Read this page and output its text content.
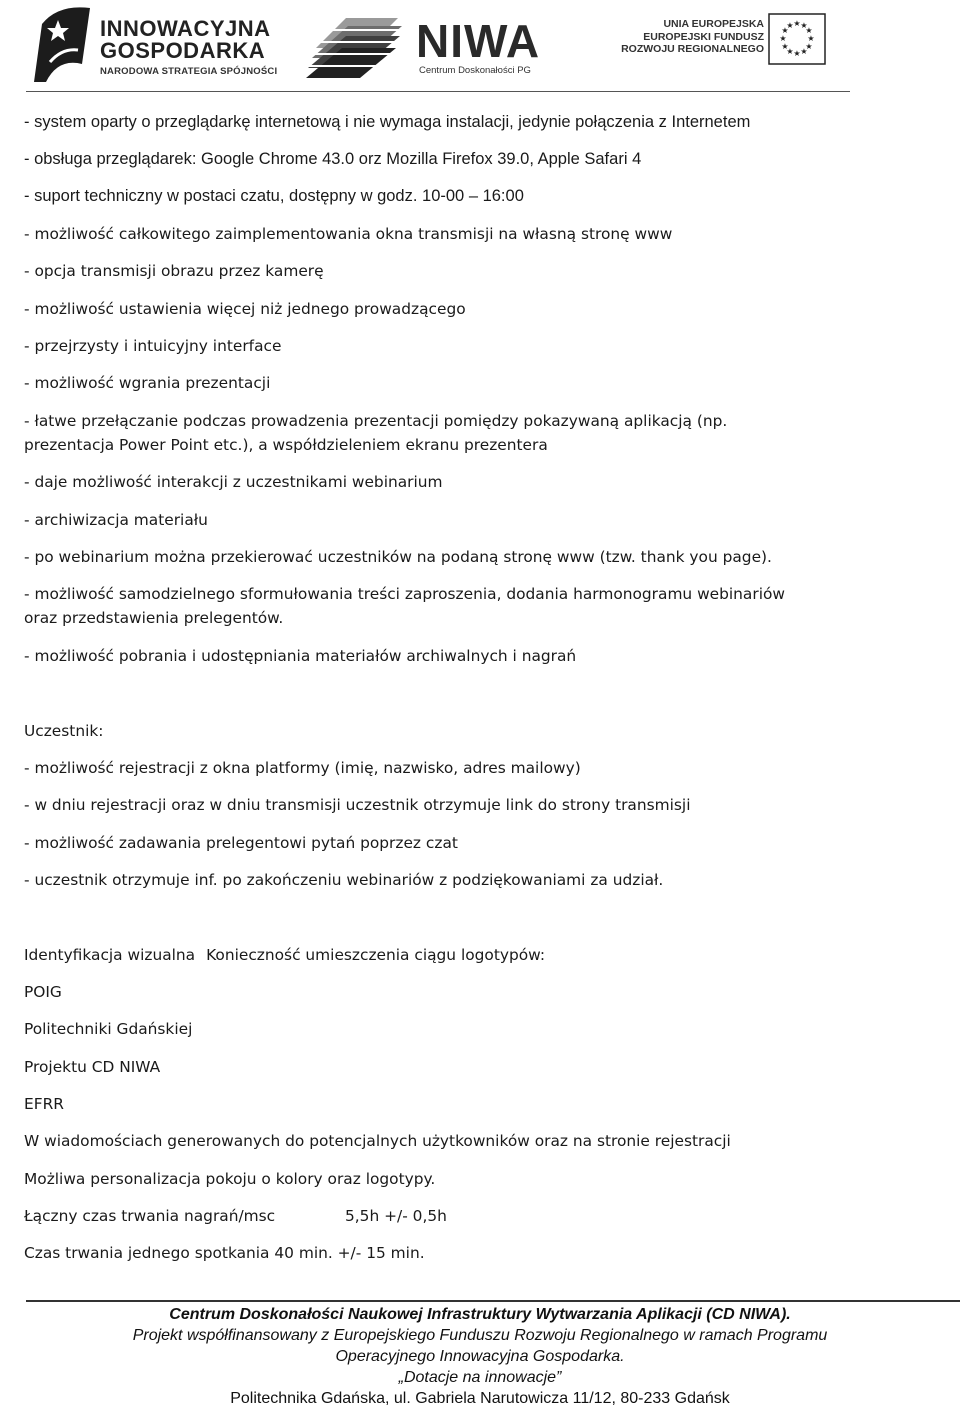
INNOWACYJNA
GOSPODARKA
NARODOWA STRATEGIA SPÓJNOŚCI
NIWA
Centrum Doskonałości PG
UNIA EUROPEJSKA
EUROPEJSKI FUNDUSZ
ROZWOJU REGIONALNEGO
★ ★
★
★
★
★
★
★
★
★
★
★
- system oparty o przeglądarkę internetową i nie wymaga instalacji, jedynie połączenia z Internetem
- obsługa przeglądarek: Google Chrome 43.0 orz Mozilla Firefox 39.0, Apple Safari 4
- suport techniczny w postaci czatu, dostępny w godz. 10-00 – 16:00
- możliwość całkowitego zaimplementowania okna transmisji na własną stronę www
- opcja transmisji obrazu przez kamerę
- możliwość ustawienia więcej niż jednego prowadzącego
- przejrzysty i intuicyjny interface
- możliwość wgrania prezentacji
- łatwe przełączanie podczas prowadzenia prezentacji pomiędzy pokazywaną aplikacją (np.
prezentacja Power Point etc.), a współdzieleniem ekranu prezentera
- daje możliwość interakcji z uczestnikami webinarium
- archiwizacja materiału
- po webinarium można przekierować uczestników na podaną stronę www (tzw. thank you page).
- możliwość samodzielnego sformułowania treści zaproszenia, dodania harmonogramu webinariów
oraz przedstawienia prelegentów.
- możliwość pobrania i udostępniania materiałów archiwalnych i nagrań
Uczestnik:
- możliwość rejestracji z okna platformy (imię, nazwisko, adres mailowy)
- w dniu rejestracji oraz w dniu transmisji uczestnik otrzymuje link do strony transmisji
- możliwość zadawania prelegentowi pytań poprzez czat
- uczestnik otrzymuje inf. po zakończeniu webinariów z podziękowaniami za udział.
Identyfikacja wizualna Konieczność umieszczenia ciągu logotypów:
POIG
Politechniki Gdańskiej
Projektu CD NIWA
EFRR
W wiadomościach generowanych do potencjalnych użytkowników oraz na stronie rejestracji
Możliwa personalizacja pokoju o kolory oraz logotypy.
Łączny czas trwania nagrań/msc	5,5h +/- 0,5h
Czas trwania jednego spotkania 40 min. +/- 15 min.
Centrum Doskonałości Naukowej Infrastruktury Wytwarzania Aplikacji (CD NIWA).
Projekt współfinansowany z Europejskiego Funduszu Rozwoju Regionalnego w ramach Programu
Operacyjnego Innowacyjna Gospodarka.
„Dotacje na innowacje”
Politechnika Gdańska, ul. Gabriela Narutowicza 11/12, 80-233 Gdańsk
